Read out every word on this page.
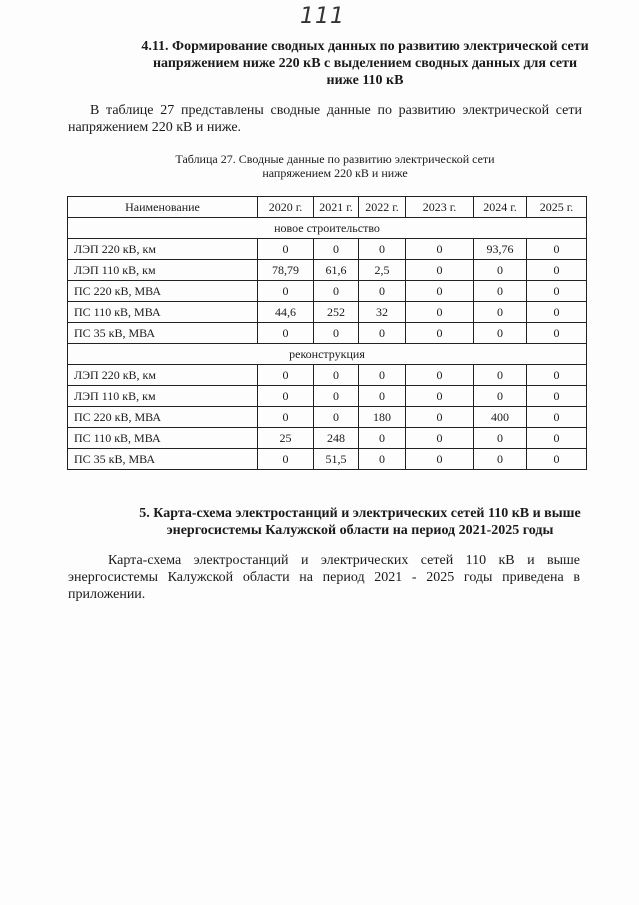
111
4.11. Формирование сводных данных по развитию электрической сети напряжением ниже 220 кВ с выделением сводных данных для сети ниже 110 кВ
В таблице 27 представлены сводные данные по развитию электрической сети напряжением 220 кВ и ниже.
Таблица 27. Сводные данные по развитию электрической сети
напряжением 220 кВ и ниже
Наименование	2020 г.	2021 г.	2022 г.	2023 г.	2024 г.	2025 г.
новое строительство						
ЛЭП 220 кВ, км	0	0	0	0	93,76	0
ЛЭП 110 кВ, км	78,79	61,6	2,5	0	0	0
ПС 220 кВ, МВА	0	0	0	0	0	0
ПС 110 кВ, МВА	44,6	252	32	0	0	0
ПС 35 кВ, МВА	0	0	0	0	0	0
реконструкция						
ЛЭП 220 кВ, км	0	0	0	0	0	0
ЛЭП 110 кВ, км	0	0	0	0	0	0
ПС 220 кВ, МВА	0	0	180	0	400	0
ПС 110 кВ, МВА	25	248	0	0	0	0
ПС 35 кВ, МВА	0	51,5	0	0	0	0
5. Карта-схема электростанций и электрических сетей 110 кВ и выше энергосистемы Калужской области на период 2021-2025 годы
Карта-схема электростанций и электрических сетей 110 кВ и выше энергосистемы Калужской области на период 2021 - 2025 годы приведена в приложении.
